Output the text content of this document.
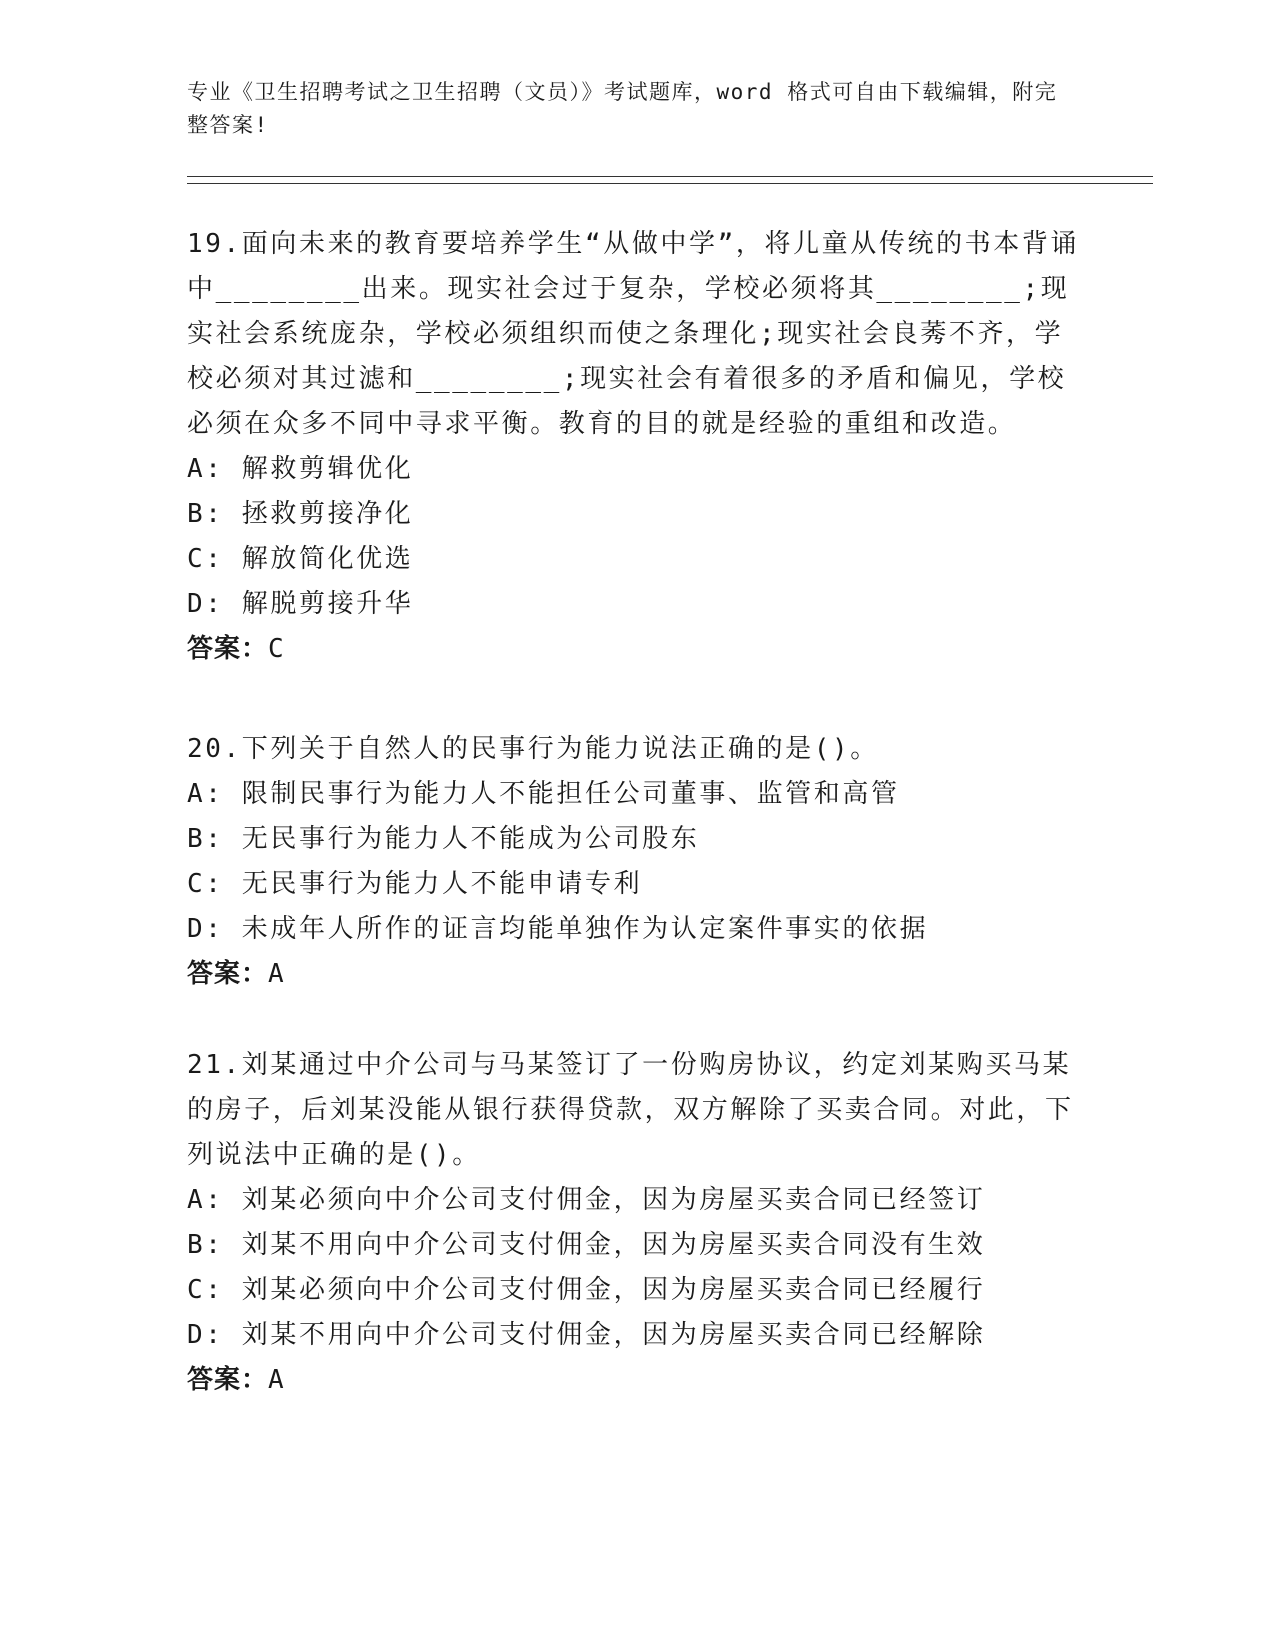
专业《卫生招聘考试之卫生招聘（文员）》考试题库，word 格式可自由下载编辑，附完整答案!

19.面向未来的教育要培养学生“从做中学”，将儿童从传统的书本背诵中________出来。现实社会过于复杂，学校必须将其________;现实社会系统庞杂，学校必须组织而使之条理化;现实社会良莠不齐，学校必须对其过滤和________;现实社会有着很多的矛盾和偏见，学校必须在众多不同中寻求平衡。教育的目的就是经验的重组和改造。

A: 解救剪辑优化

B: 拯救剪接净化

C: 解放简化优选

D: 解脱剪接升华

答案：C

20.下列关于自然人的民事行为能力说法正确的是()。

A: 限制民事行为能力人不能担任公司董事、监管和高管

B: 无民事行为能力人不能成为公司股东

C: 无民事行为能力人不能申请专利

D: 未成年人所作的证言均能单独作为认定案件事实的依据

答案：A

21.刘某通过中介公司与马某签订了一份购房协议，约定刘某购买马某的房子，后刘某没能从银行获得贷款，双方解除了买卖合同。对此，下列说法中正确的是()。

A: 刘某必须向中介公司支付佣金，因为房屋买卖合同已经签订

B: 刘某不用向中介公司支付佣金，因为房屋买卖合同没有生效

C: 刘某必须向中介公司支付佣金，因为房屋买卖合同已经履行

D: 刘某不用向中介公司支付佣金，因为房屋买卖合同已经解除

答案：A
